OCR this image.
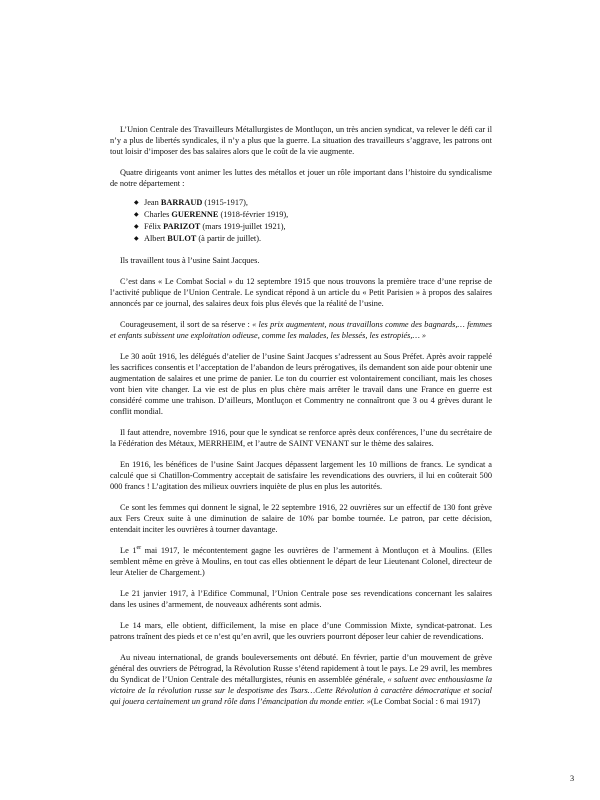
L’Union Centrale des Travailleurs Métallurgistes de Montluçon, un très ancien syndicat, va relever le défi car il n’y a plus de libertés syndicales, il n’y a plus que la guerre. La situation des travailleurs s’aggrave, les patrons ont tout loisir d’imposer des bas salaires alors que le coût de la vie augmente.

Quatre dirigeants vont animer les luttes des métallos et jouer un rôle important dans l’histoire du syndicalisme de notre département :

◆ Jean BARRAUD (1915-1917),
◆ Charles GUERENNE (1918-février 1919),
◆ Félix PARIZOT (mars 1919-juillet 1921),
◆ Albert BULOT (à partir de juillet).

Ils travaillent tous à l’usine Saint Jacques.

C’est dans « Le Combat Social » du 12 septembre 1915 que nous trouvons la première trace d’une reprise de l’activité publique de l’Union Centrale. Le syndicat répond à un article du « Petit Parisien » à propos des salaires annoncés par ce journal, des salaires deux fois plus élevés que la réalité de l’usine.

Courageusement, il sort de sa réserve : « les prix augmentent, nous travaillons comme des bagnards,… femmes et enfants subissent une exploitation odieuse, comme les malades, les blessés, les estropiés,… »

Le 30 août 1916, les délégués d’atelier de l’usine Saint Jacques s’adressent au Sous Préfet. Après avoir rappelé les sacrifices consentis et l’acceptation de l’abandon de leurs prérogatives, ils demandent son aide pour obtenir une augmentation de salaires et une prime de panier. Le ton du courrier est volontairement conciliant, mais les choses vont bien vite changer. La vie est de plus en plus chère mais arrêter le travail dans une France en guerre est considéré comme une trahison. D’ailleurs, Montluçon et Commentry ne connaîtront que 3 ou 4 grèves durant le conflit mondial.

Il faut attendre, novembre 1916, pour que le syndicat se renforce après deux conférences, l’une du secrétaire de la Fédération des Métaux, MERRHEIM, et l’autre de SAINT VENANT sur le thème des salaires.

En 1916, les bénéfices de l’usine Saint Jacques dépassent largement les 10 millions de francs. Le syndicat a calculé que si Chatillon-Commentry acceptait de satisfaire les revendications des ouvriers, il lui en coûterait 500 000 francs ! L’agitation des milieux ouvriers inquiète de plus en plus les autorités.

Ce sont les femmes qui donnent le signal, le 22 septembre 1916, 22 ouvrières sur un effectif de 130 font grève aux Fers Creux suite à une diminution de salaire de 10% par bombe tournée. Le patron, par cette décision, entendait inciter les ouvrières à tourner davantage.

Le 1er mai 1917, le mécontentement gagne les ouvrières de l’armement à Montluçon et à Moulins. (Elles semblent même en grève à Moulins, en tout cas elles obtiennent le départ de leur Lieutenant Colonel, directeur de leur Atelier de Chargement.)

Le 21 janvier 1917, à l’Edifice Communal, l’Union Centrale pose ses revendications concernant les salaires dans les usines d’armement, de nouveaux adhérents sont admis.

Le 14 mars, elle obtient, difficilement, la mise en place d’une Commission Mixte, syndicat-patronat. Les patrons traînent des pieds et ce n’est qu’en avril, que les ouvriers pourront déposer leur cahier de revendications.

Au niveau international, de grands bouleversements ont débuté. En février, partie d’un mouvement de grève général des ouvriers de Pétrograd, la Révolution Russe s’étend rapidement à tout le pays. Le 29 avril, les membres du Syndicat de l’Union Centrale des métallurgistes, réunis en assemblée générale, « saluent avec enthousiasme la victoire de la révolution russe sur le despotisme des Tsars…Cette Révolution à caractère démocratique et social qui jouera certainement un grand rôle dans l’émancipation du monde entier. »(Le Combat Social : 6 mai 1917)

3
